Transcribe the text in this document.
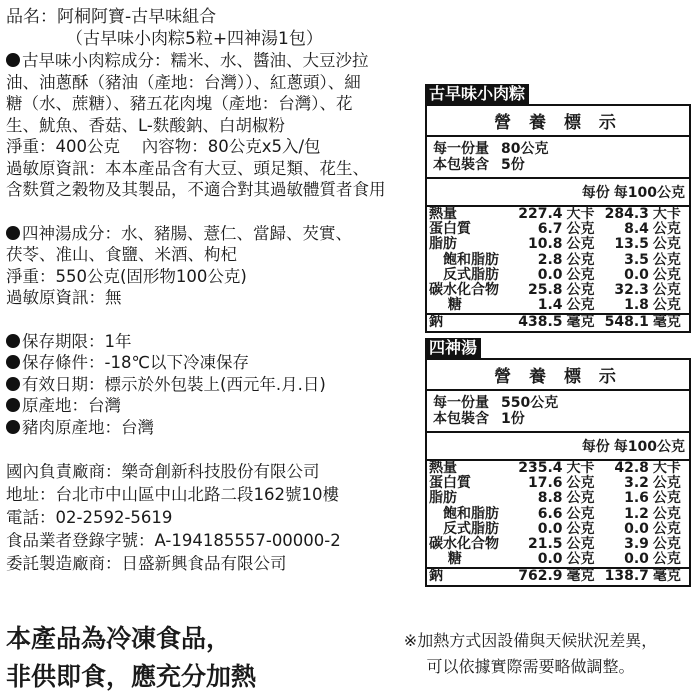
品名：阿桐阿寶-古早味組合
（古早味小肉粽5粒+四神湯1包）
古早味小肉粽成分：糯米、水、醬油、大豆沙拉
油、油蔥酥（豬油（產地：台灣））、紅蔥頭）、細
糖（水、蔗糖）、豬五花肉塊（產地：台灣）、花
生、魷魚、香菇、L-麩酸鈉、白胡椒粉
淨重：400公克　 內容物：80公克x5入/包
過敏原資訊：本本產品含有大豆、頭足類、花生、
含麩質之穀物及其製品，不適合對其過敏體質者食用
四神湯成分：水、豬腸、薏仁、當歸、芡實、
茯苓、准山、食鹽、米酒、枸杞
淨重：550公克(固形物100公克)
過敏原資訊：無
保存期限：1年
保存條件：-18℃以下冷凍保存
有效日期：標示於外包裝上(西元年.月.日)
原產地：台灣
豬肉原產地：台灣
國內負責廠商：樂奇創新科技股份有限公司
地址：台北市中山區中山北路二段162號10樓
電話：02-2592-5619
食品業者登錄字號：A-194185557-00000-2
委託製造廠商：日盛新興食品有限公司
古早味小肉粽
營 養 標 示
每一份量 80公克
本包裝含 5份
每份 每100公克
熱量	227.4	大卡	284.3	大卡
蛋白質	6.7	公克	8.4	公克
脂肪	10.8	公克	13.5	公克
　飽和脂肪	2.8	公克	3.5	公克
　反式脂肪	0.0	公克	0.0	公克
碳水化合物	25.8	公克	32.3	公克
　 糖	1.4	公克	1.8	公克
鈉	438.5	毫克	548.1	毫克
四神湯
營 養 標 示
每一份量 550公克
本包裝含 1份
每份 每100公克
熱量	235.4	大卡	42.8	大卡
蛋白質	17.6	公克	3.2	公克
脂肪	8.8	公克	1.6	公克
　飽和脂肪	6.6	公克	1.2	公克
　反式脂肪	0.0	公克	0.0	公克
碳水化合物	21.5	公克	3.9	公克
　 糖	0.0	公克	0.0	公克
鈉	762.9	毫克	138.7	毫克
本產品為冷凍食品，
非供即食，應充分加熱
※加熱方式因設備與天候狀況差異，
可以依據實際需要略做調整。
